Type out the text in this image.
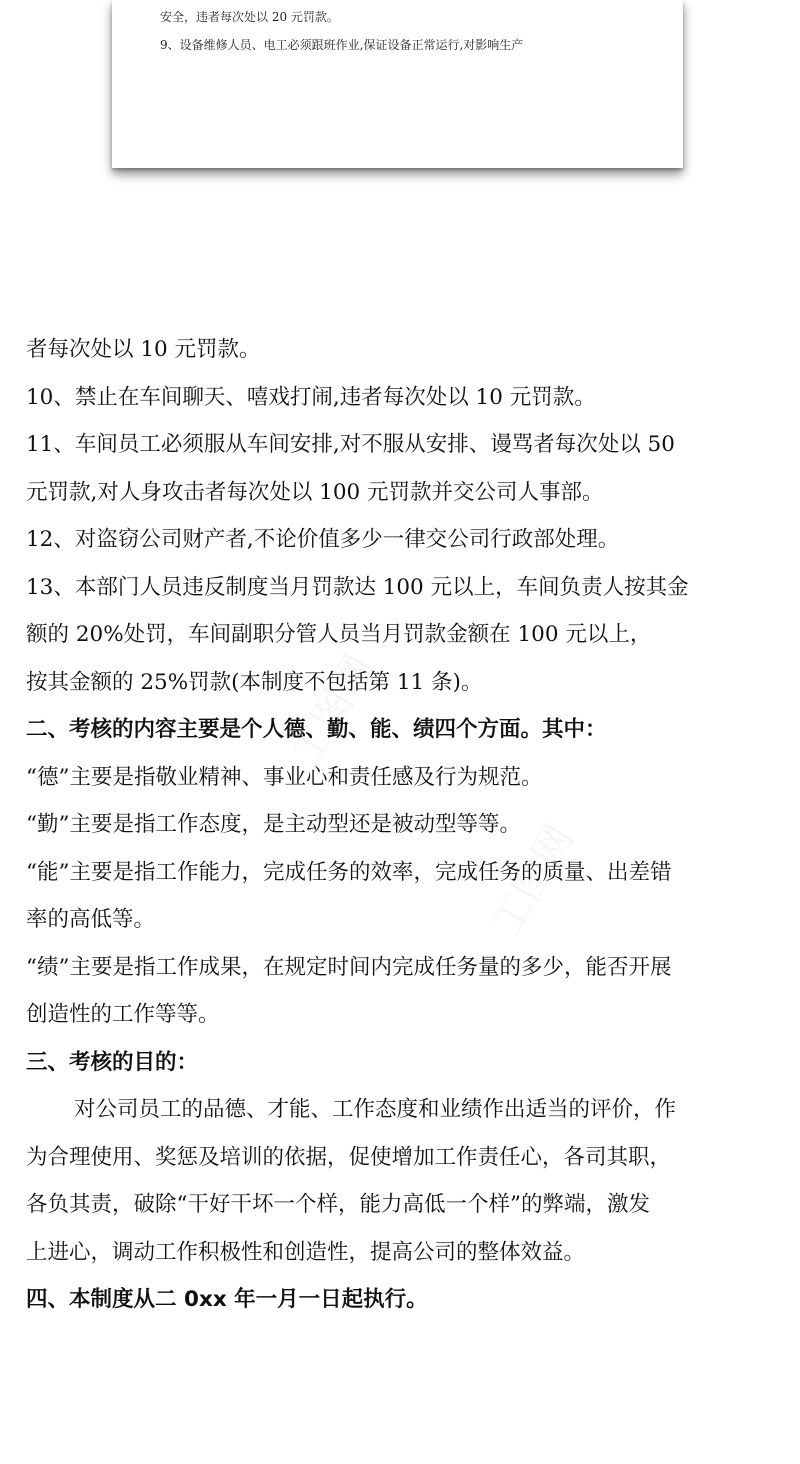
安全，违者每次处以 20 元罚款。
9、设备维修人员、电工必须跟班作业,保证设备正常运行,对影响生产
工图网
工图网
者每次处以 10 元罚款。
10、禁止在车间聊天、嘻戏打闹,违者每次处以 10 元罚款。
11、车间员工必须服从车间安排,对不服从安排、谩骂者每次处以 50
元罚款,对人身攻击者每次处以 100 元罚款并交公司人事部。
12、对盗窃公司财产者,不论价值多少一律交公司行政部处理。
13、本部门人员违反制度当月罚款达 100 元以上，车间负责人按其金
额的 20%处罚，车间副职分管人员当月罚款金额在 100 元以上，
按其金额的 25%罚款(本制度不包括第 11 条)。
二、考核的内容主要是个人德、勤、能、绩四个方面。其中：
“德”主要是指敬业精神、事业心和责任感及行为规范。
“勤”主要是指工作态度，是主动型还是被动型等等。
“能”主要是指工作能力，完成任务的效率，完成任务的质量、出差错
率的高低等。
“绩”主要是指工作成果，在规定时间内完成任务量的多少，能否开展
创造性的工作等等。
三、考核的目的：
对公司员工的品德、才能、工作态度和业绩作出适当的评价，作
为合理使用、奖惩及培训的依据，促使增加工作责任心，各司其职，
各负其责，破除“干好干坏一个样，能力高低一个样”的弊端，激发
上进心，调动工作积极性和创造性，提高公司的整体效益。
四、本制度从二 0xx 年一月一日起执行。
